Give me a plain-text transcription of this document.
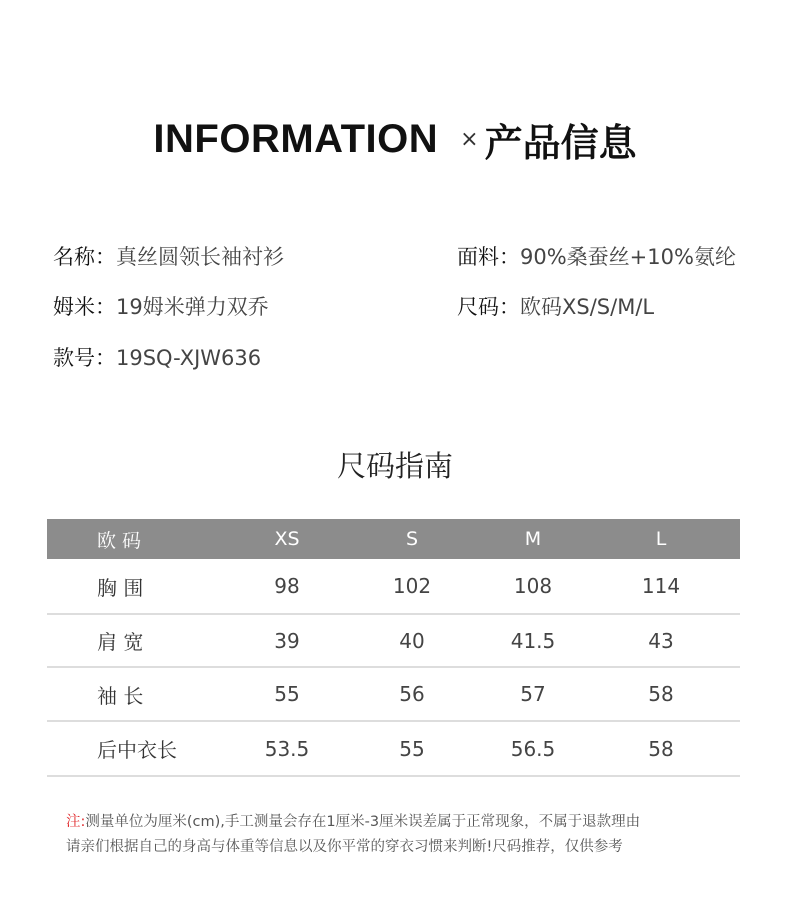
INFORMATION × 产品信息
名称：真丝圆领长袖衬衫	面料：90%桑蚕丝+10%氨纶
姆米：19姆米弹力双乔	尺码：欧码XS/S/M/L
款号：19SQ-XJW636
尺码指南
欧 码	XS	S	M	L
胸 围	98	102	108	114
肩 宽	39	40	41.5	43
袖 长	55	56	57	58
后中衣长	53.5	55	56.5	58
注:测量单位为厘米(cm),手工测量会存在1厘米-3厘米误差属于正常现象，不属于退款理由
请亲们根据自己的身高与体重等信息以及你平常的穿衣习惯来判断!尺码推荐，仅供参考
